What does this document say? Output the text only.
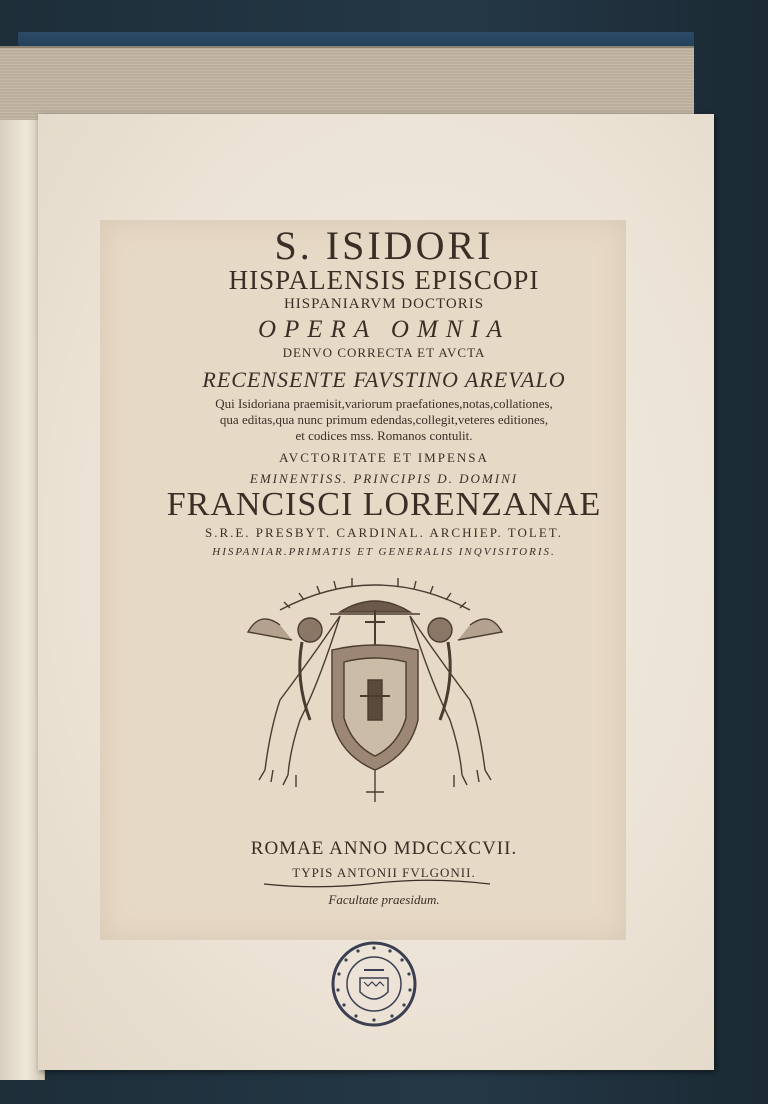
S. ISIDORI
HISPALENSIS EPISCOPI
HISPANIARVM DOCTORIS
OPERA OMNIA
DENVO CORRECTA ET AVCTA
RECENSENTE FAVSTINO AREVALO
Qui Isidoriana praemisit,variorum praefationes,notas,collationes,
qua editas,qua nunc primum edendas,collegit,veteres editiones,
et codices mss. Romanos contulit.
AVCTORITATE ET IMPENSA
EMINENTISS. PRINCIPIS D. DOMINI
FRANCISCI LORENZANAE
S.R.E. PRESBYT. CARDINAL. ARCHIEP. TOLET.
HISPANIAR.PRIMATIS ET GENERALIS INQVISITORIS.
ROMAE ANNO MDCCXCVII.
TYPIS ANTONII FVLGONII.
Facultate praesidum.
